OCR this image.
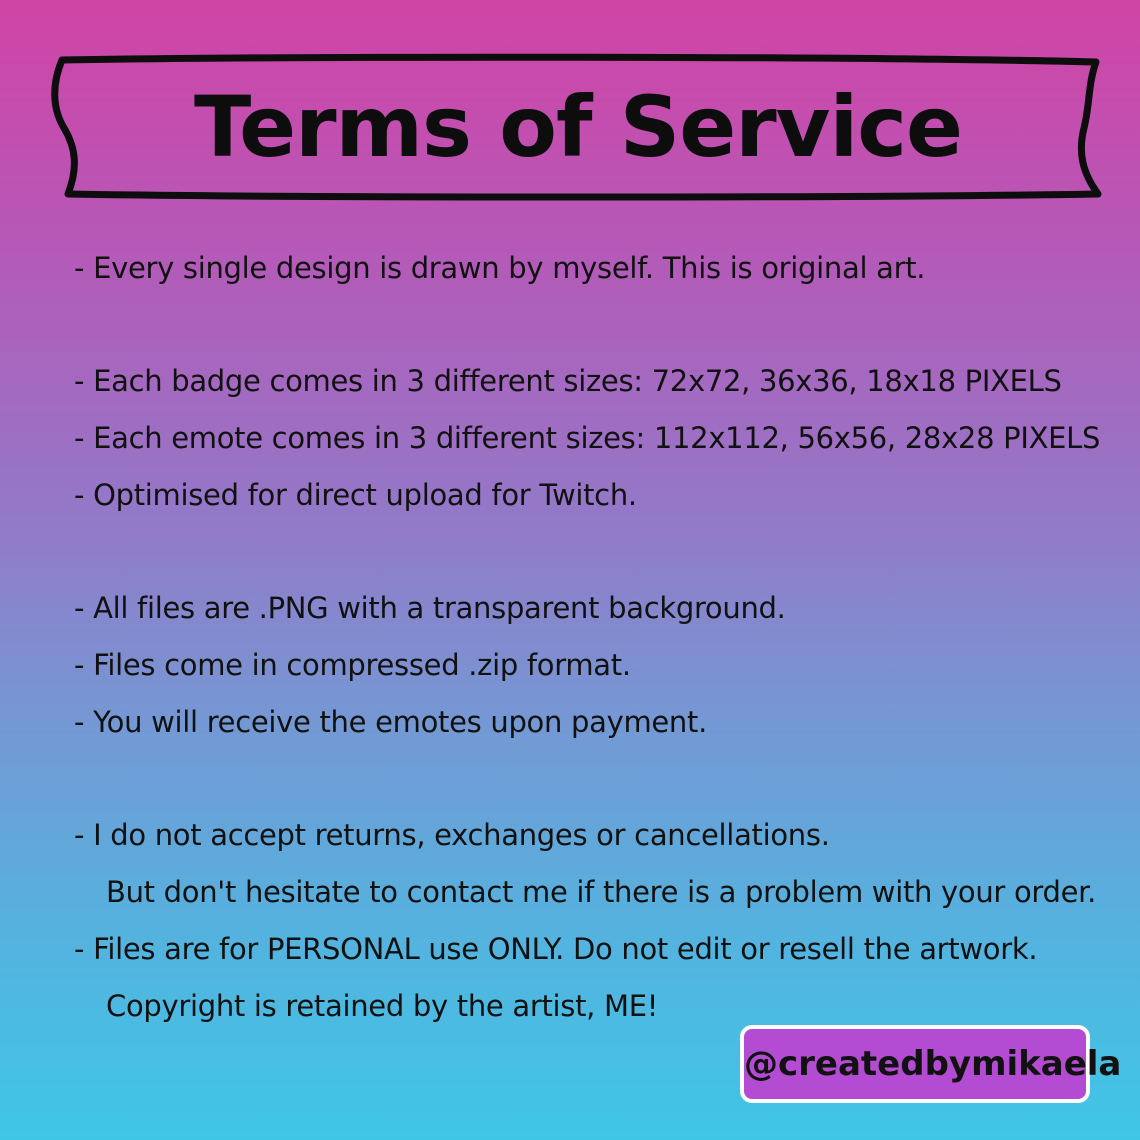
Terms of Service
- Every single design is drawn by myself. This is original art.
- Each badge comes in 3 different sizes: 72x72, 36x36, 18x18 PIXELS
- Each emote comes in 3 different sizes: 112x112, 56x56, 28x28 PIXELS
- Optimised for direct upload for Twitch.
- All files are .PNG with a transparent background.
- Files come in compressed .zip format.
- You will receive the emotes upon payment.
- I do not accept returns, exchanges or cancellations.
But don't hesitate to contact me if there is a problem with your order.
- Files are for PERSONAL use ONLY. Do not edit or resell the artwork.
Copyright is retained by the artist, ME!
@createdbymikaela
